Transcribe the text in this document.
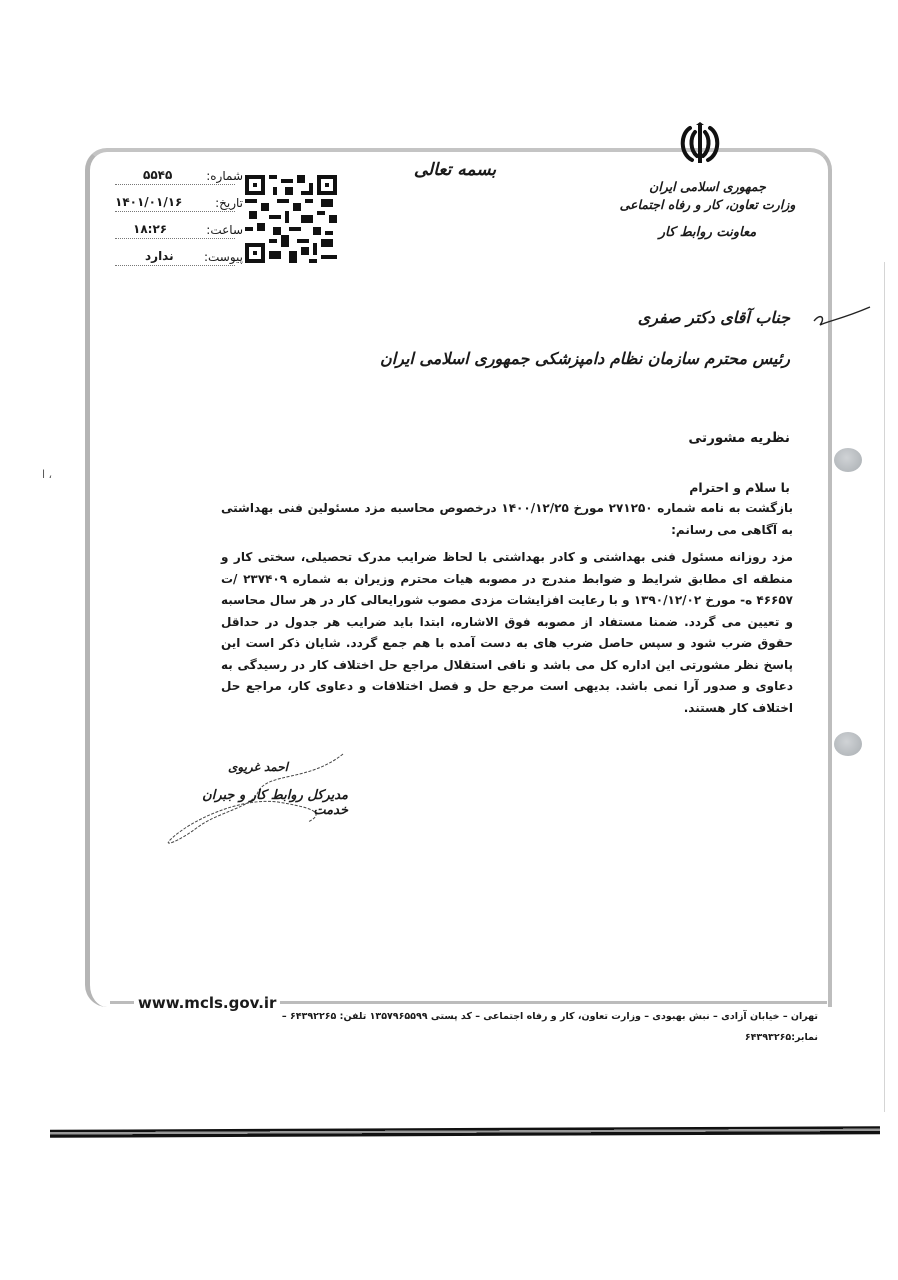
ا ،
شماره:
۵۵۴۵
تاریخ:
۱۴۰۱/۰۱/۱۶
ساعت:
۱۸:۲۶
پیوست:
ندارد
بسمه تعالی
جمهوری اسلامی ایران
وزارت تعاون، کار و رفاه اجتماعی
معاونت روابط کار
جناب آقای دکتر صفری
رئیس محترم سازمان نظام دامپزشکی جمهوری اسلامی ایران
نظریه مشورتی
با سلام و احترام

بازگشت به نامه شماره ۲۷۱۲۵۰ مورخ ۱۴۰۰/۱۲/۲۵ درخصوص محاسبه مزد مسئولین فنی بهداشتی به آگاهی می رسانم:

مزد روزانه مسئول فنی بهداشتی و کادر بهداشتی با لحاظ ضرایب مدرک تحصیلی، سختی کار و منطقه ای مطابق شرایط و ضوابط مندرج در مصوبه هیات محترم وزیران به شماره ۲۳۷۴۰۹ /ت ۴۶۶۵۷ ه- مورخ ۱۳۹۰/۱۲/۰۲ و با رعایت افزایشات مزدی مصوب شورایعالی کار در هر سال محاسبه و تعیین می گردد. ضمنا مستفاد از مصوبه فوق الاشاره، ابتدا باید ضرایب هر جدول در حداقل حقوق ضرب شود و سپس حاصل ضرب های به دست آمده با هم جمع گردد. شایان ذکر است این پاسخ نظر مشورتی این اداره کل می باشد و نافی استقلال مراجع حل اختلاف کار در رسیدگی به دعاوی و صدور آرا نمی باشد. بدیهی است مرجع حل و فصل اختلافات و دعاوی کار، مراجع حل اختلاف کار هستند.

احمد غریوی
مدیرکل روابط کار و جبران خدمت
www.mcls.gov.ir
تهران – خیابان آزادی – نبش بهبودی – وزارت تعاون، کار و رفاه اجتماعی – کد پستی ۱۳۵۷۹۶۵۵۹۹ تلفن: ۶۴۳۹۲۲۶۵ –
نمابر:۶۴۳۹۳۲۶۵
